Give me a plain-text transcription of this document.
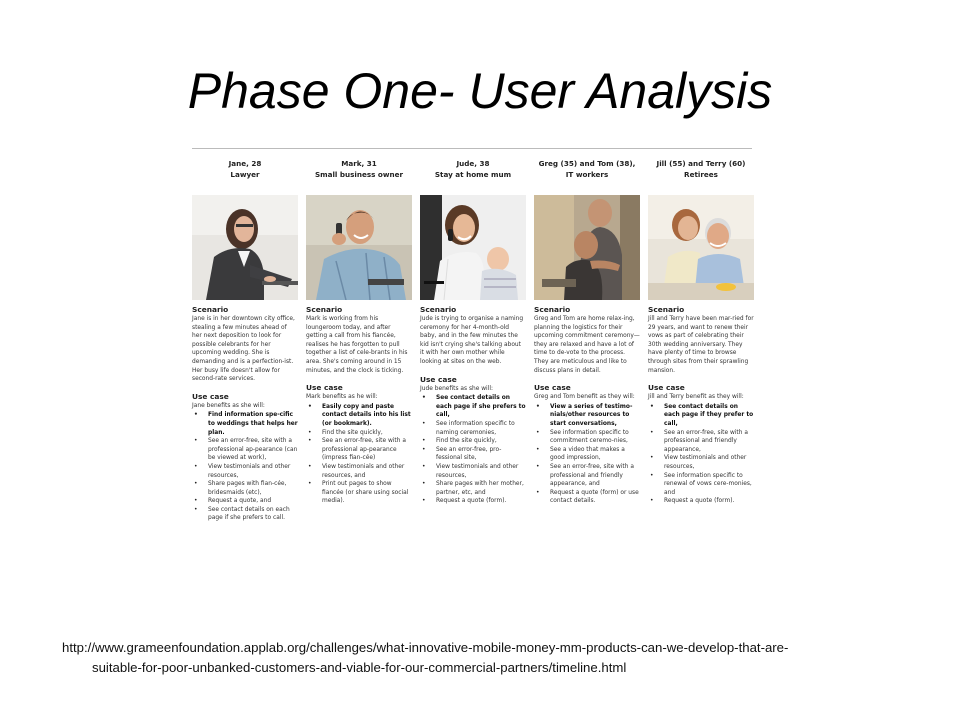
Phase One- User Analysis
Jane, 28
Lawyer
Scenario

Jane is in her downtown city office, stealing a few minutes ahead of her next deposition to look for possible celebrants for her upcoming wedding. She is demanding and is a perfection-ist. Her busy life doesn't allow for second-rate services.

Use case

Jane benefits as she will:

• Find information spe-cific to weddings that helps her plan.
• See an error-free, site with a professional ap-pearance (can be viewed at work),
• View testimonials and other resources,
• Share pages with fian-cée, bridesmaids (etc),
• Request a quote, and
• See contact details on each page if she prefers to call.
Mark, 31
Small business owner
Scenario

Mark is working from his loungeroom today, and after getting a call from his fiancée, realises he has forgotten to pull together a list of cele-brants in his area. She's coming around in 15 minutes, and the clock is ticking.

Use case

Mark benefits as he will:

• Easily copy and paste contact details into his list (or bookmark).
• Find the site quickly,
• See an error-free, site with a professional ap-pearance (impress fian-cée)
• View testimonials and other resources, and
• Print out pages to show fiancée (or share using social media).
Jude, 38
Stay at home mum
Scenario

Jude is trying to organise a naming ceremony for her 4-month-old baby, and in the few minutes the kid isn't crying she's talking about it with her own mother while looking at sites on the web.

Use case

Jude benefits as she will:

• See contact details on each page if she prefers to call,
• See information specific to naming ceremonies,
• Find the site quickly,
• See an error-free, pro-fessional site,
• View testimonials and other resources,
• Share pages with her mother, partner, etc, and
• Request a quote (form).
Greg (35) and Tom (38),
IT workers
Scenario

Greg and Tom are home relax-ing, planning the logistics for their upcoming commitment ceremony—they are relaxed and have a lot of time to de-vote to the process. They are meticulous and like to discuss plans in detail.

Use case

Greg and Tom benefit as they will:

• View a series of testimo-nials/other resources to start conversations,
• See information specific to commitment ceremo-nies,
• See a video that makes a good impression,
• See an error-free, site with a professional and friendly appearance, and
• Request a quote (form) or use contact details.
Jill (55) and Terry (60)
Retirees
Scenario

Jill and Terry have been mar-ried for 29 years, and want to renew their vows as part of celebrating their 30th wedding anniversary. They have plenty of time to browse through sites from their sprawling mansion.

Use case

Jill and Terry benefit as they will:

• See contact details on each page if they prefer to call,
• See an error-free, site with a professional and friendly appearance,
• View testimonials and other resources,
• See information specific to renewal of vows cere-monies, and
• Request a quote (form).

http://www.grameenfoundation.applab.org/challenges/what-innovative-mobile-money-mm-products-can-we-develop-that-are-
suitable-for-poor-unbanked-customers-and-viable-for-our-commercial-partners/timeline.html
